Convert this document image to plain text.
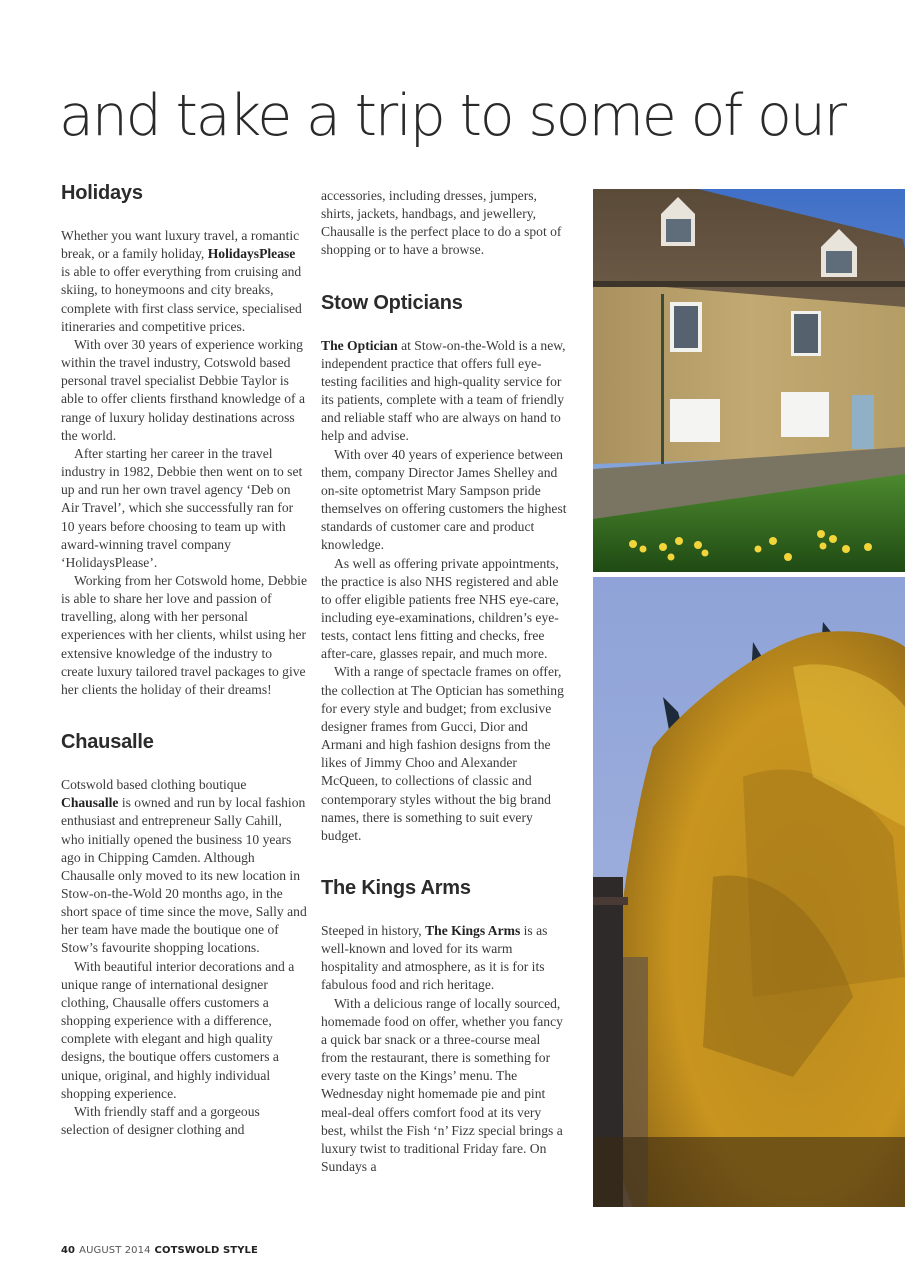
and take a trip to some of our
Holidays

Whether you want luxury travel, a romantic break, or a family holiday, HolidaysPlease is able to offer everything from cruising and skiing, to honeymoons and city breaks, complete with first class service, specialised itineraries and competitive prices.

With over 30 years of experience working within the travel industry, Cotswold based personal travel specialist Debbie Taylor is able to offer clients firsthand knowledge of a range of luxury holiday destinations across the world.

After starting her career in the travel industry in 1982, Debbie then went on to set up and run her own travel agency ‘Deb on Air Travel’, which she successfully ran for 10 years before choosing to team up with award-winning travel company ‘HolidaysPlease’.

Working from her Cotswold home, Debbie is able to share her love and passion of travelling, along with her personal experiences with her clients, whilst using her extensive knowledge of the industry to create luxury tailored travel packages to give her clients the holiday of their dreams!

Chausalle

Cotswold based clothing boutique Chausalle is owned and run by local fashion enthusiast and entrepreneur Sally Cahill, who initially opened the business 10 years ago in Chipping Camden. Although Chausalle only moved to its new location in Stow-on-the-Wold 20 months ago, in the short space of time since the move, Sally and her team have made the boutique one of Stow’s favourite shopping locations.

With beautiful interior decorations and a unique range of international designer clothing, Chausalle offers customers a shopping experience with a difference, complete with elegant and high quality designs, the boutique offers customers a unique, original, and highly individual shopping experience.

With friendly staff and a gorgeous selection of designer clothing and

accessories, including dresses, jumpers, shirts, jackets, handbags, and jewellery, Chausalle is the perfect place to do a spot of shopping or to have a browse.

Stow Opticians

The Optician at Stow-on-the-Wold is a new, independent practice that offers full eye-testing facilities and high-quality service for its patients, complete with a team of friendly and reliable staff who are always on hand to help and advise.

With over 40 years of experience between them, company Director James Shelley and on-site optometrist Mary Sampson pride themselves on offering customers the highest standards of customer care and product knowledge.

As well as offering private appointments, the practice is also NHS registered and able to offer eligible patients free NHS eye-care, including eye-examinations, children’s eye-tests, contact lens fitting and checks, free after-care, glasses repair, and much more.

With a range of spectacle frames on offer, the collection at The Optician has something for every style and budget; from exclusive designer frames from Gucci, Dior and Armani and high fashion designs from the likes of Jimmy Choo and Alexander McQueen, to collections of classic and contemporary styles without the big brand names, there is something to suit every budget.

The Kings Arms

Steeped in history, The Kings Arms is as well-known and loved for its warm hospitality and atmosphere, as it is for its fabulous food and rich heritage.

With a delicious range of locally sourced, homemade food on offer, whether you fancy a quick bar snack or a three-course meal from the restaurant, there is something for every taste on the Kings’ menu. The Wednesday night homemade pie and pint meal-deal offers comfort food at its very best, whilst the Fish ‘n’ Fizz special brings a luxury twist to traditional Friday fare. On Sundays a

40 AUGUST 2014 COTSWOLD STYLE
